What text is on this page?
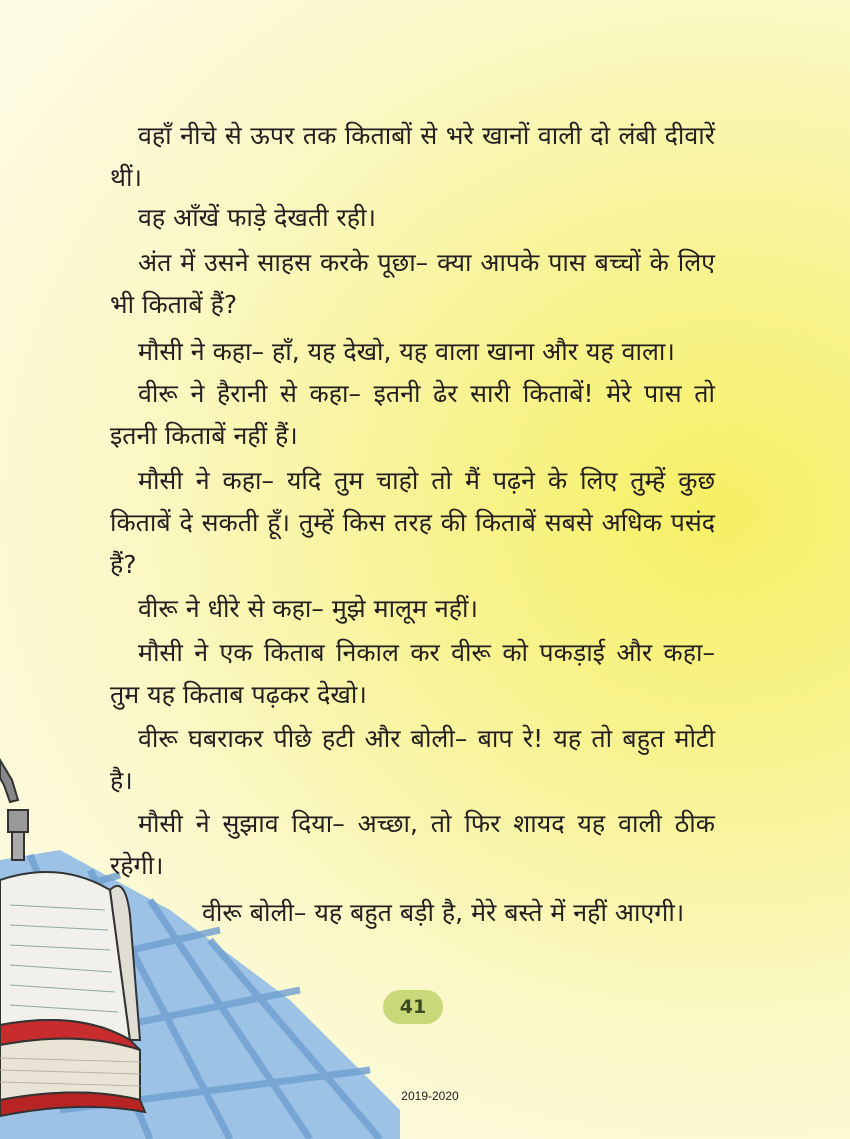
वहाँ नीचे से ऊपर तक किताबों से भरे खानों वाली दो लंबी दीवारें थीं।

वह आँखें फाड़े देखती रही।

अंत में उसने साहस करके पूछा– क्या आपके पास बच्चों के लिए भी किताबें हैं?

मौसी ने कहा– हाँ, यह देखो, यह वाला खाना और यह वाला।

वीरू ने हैरानी से कहा– इतनी ढेर सारी किताबें! मेरे पास तो इतनी किताबें नहीं हैं।

मौसी ने कहा– यदि तुम चाहो तो मैं पढ़ने के लिए तुम्हें कुछ किताबें दे सकती हूँ। तुम्हें किस तरह की किताबें सबसे अधिक पसंद हैं?

वीरू ने धीरे से कहा– मुझे मालूम नहीं।

मौसी ने एक किताब निकाल कर वीरू को पकड़ाई और कहा– तुम यह किताब पढ़कर देखो।

वीरू घबराकर पीछे हटी और बोली– बाप रे! यह तो बहुत मोटी है।

मौसी ने सुझाव दिया– अच्छा, तो फिर शायद यह वाली ठीक रहेगी।

वीरू बोली– यह बहुत बड़ी है, मेरे बस्ते में नहीं आएगी।

41
2019-2020
